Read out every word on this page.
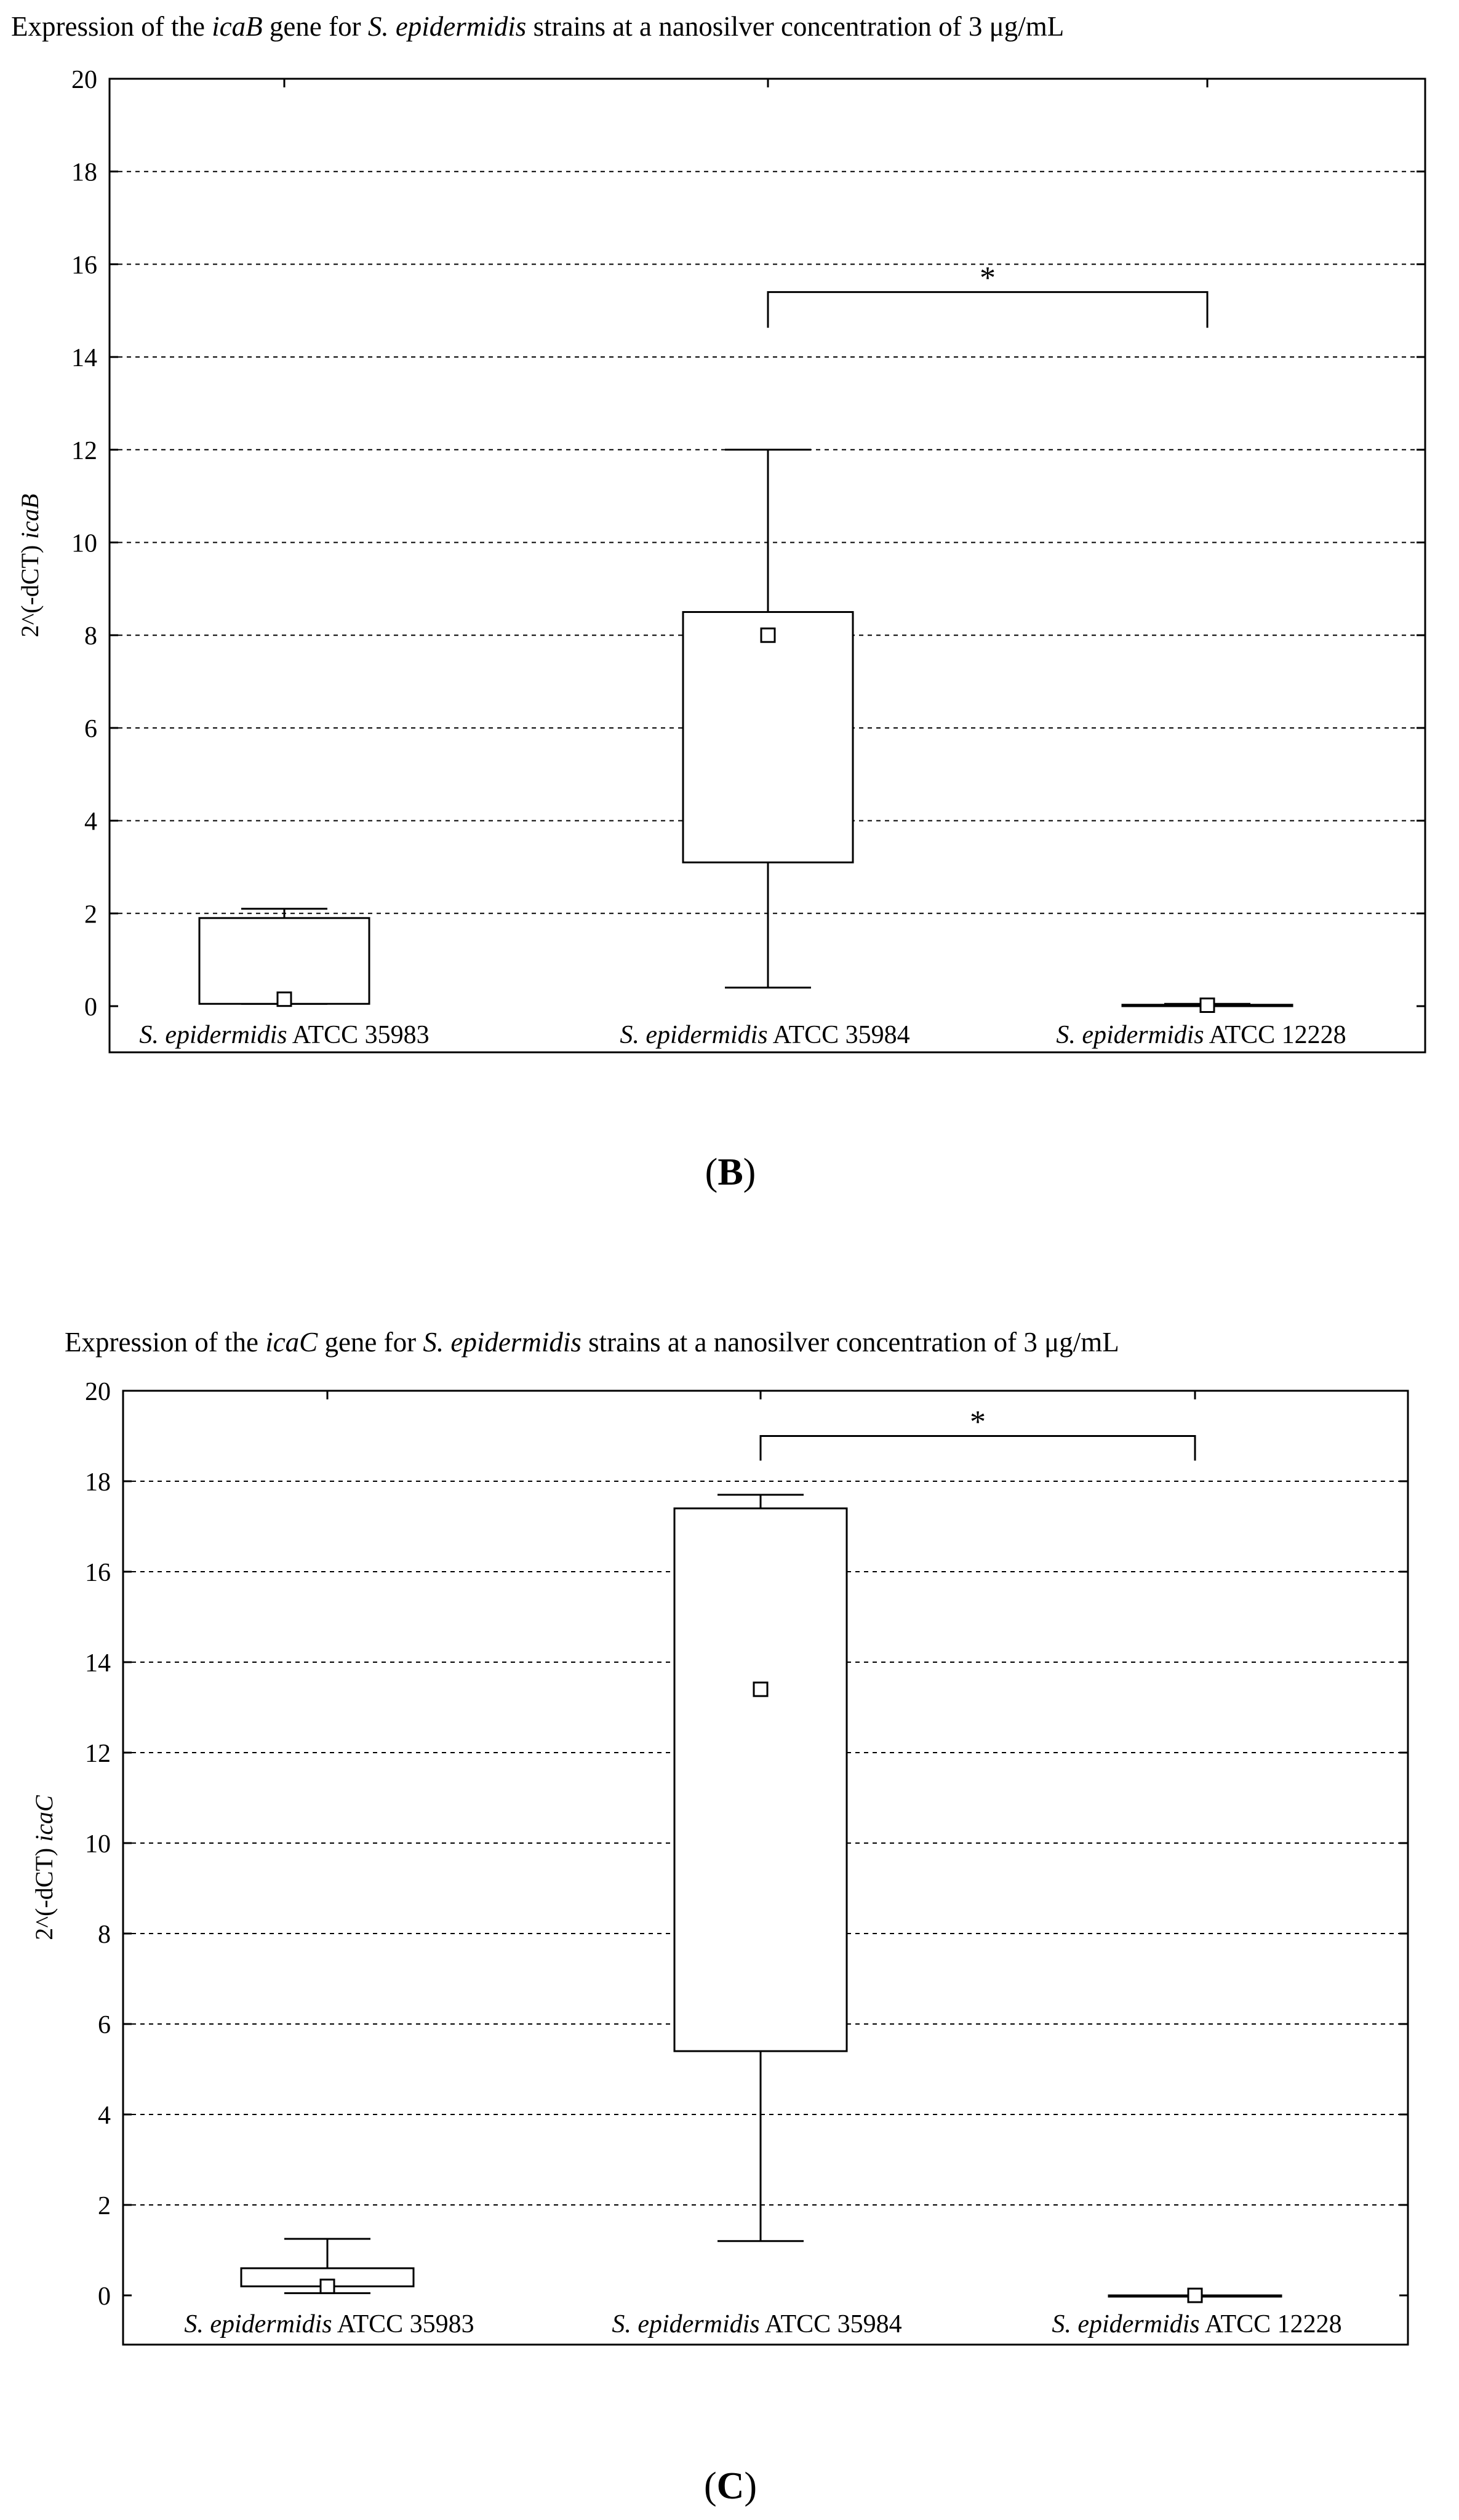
Expression of the icaB gene for S. epidermidis strains at a nanosilver concentration of 3 μg/mL
0
2
4
6
8
10
12
14
16
18
20
2^(-dCT) icaB
*
S. epidermidis ATCC 35983	S. epidermidis ATCC 35984	S. epidermidis ATCC 12228
(B)
Expression of the icaC gene for S. epidermidis strains at a nanosilver concentration of 3 μg/mL
0
2
4
6
8
10
12
14
16
18
20
2^(-dCT) icaC
*
S. epidermidis ATCC 35983	S. epidermidis ATCC 35984	S. epidermidis ATCC 12228
(C)
